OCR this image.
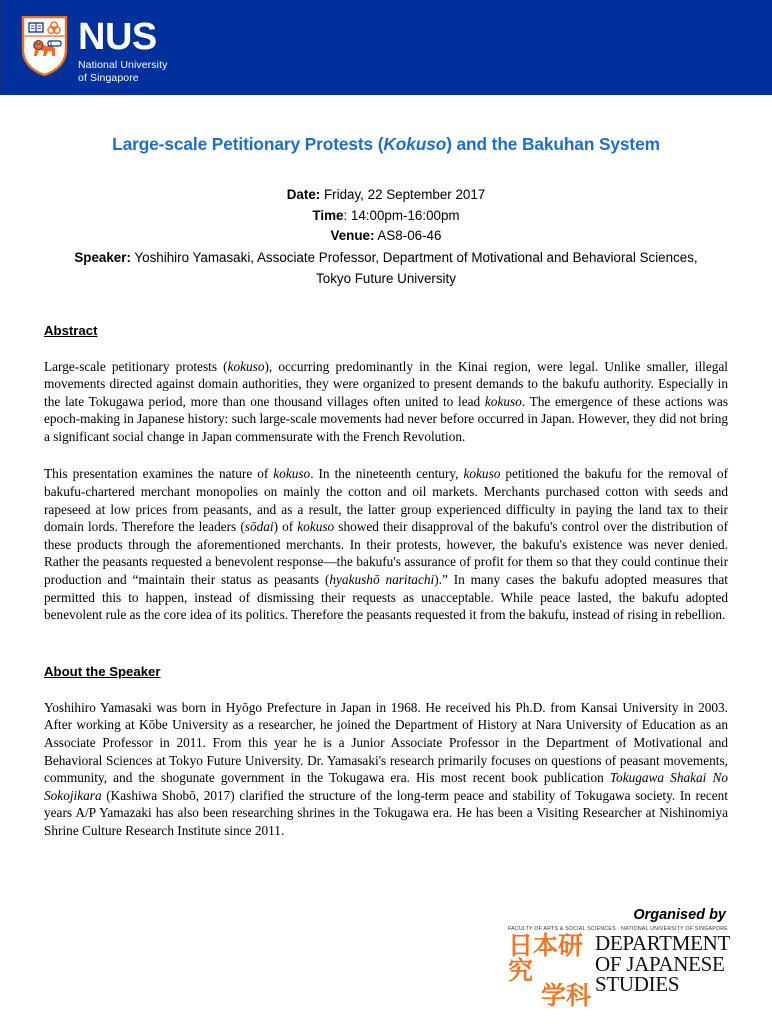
NUS
National University
of Singapore
Large-scale Petitionary Protests (Kokuso) and the Bakuhan System
Date: Friday, 22 September 2017
Time: 14:00pm-16:00pm
Venue: AS8-06-46
Speaker: Yoshihiro Yamasaki, Associate Professor, Department of Motivational and Behavioral Sciences, Tokyo Future University
Abstract

Large-scale petitionary protests (kokuso), occurring predominantly in the Kinai region, were legal. Unlike smaller, illegal movements directed against domain authorities, they were organized to present demands to the bakufu authority. Especially in the late Tokugawa period, more than one thousand villages often united to lead kokuso. The emergence of these actions was epoch-making in Japanese history: such large-scale movements had never before occurred in Japan. However, they did not bring a significant social change in Japan commensurate with the French Revolution.

This presentation examines the nature of kokuso. In the nineteenth century, kokuso petitioned the bakufu for the removal of bakufu-chartered merchant monopolies on mainly the cotton and oil markets. Merchants purchased cotton with seeds and rapeseed at low prices from peasants, and as a result, the latter group experienced difficulty in paying the land tax to their domain lords. Therefore the leaders (sōdai) of kokuso showed their disapproval of the bakufu's control over the distribution of these products through the aforementioned merchants. In their protests, however, the bakufu's existence was never denied. Rather the peasants requested a benevolent response—the bakufu's assurance of profit for them so that they could continue their production and “maintain their status as peasants (hyakushō naritachi).” In many cases the bakufu adopted measures that permitted this to happen, instead of dismissing their requests as unacceptable. While peace lasted, the bakufu adopted benevolent rule as the core idea of its politics. Therefore the peasants requested it from the bakufu, instead of rising in rebellion.

About the Speaker

Yoshihiro Yamasaki was born in Hyōgo Prefecture in Japan in 1968. He received his Ph.D. from Kansai University in 2003. After working at Kōbe University as a researcher, he joined the Department of History at Nara University of Education as an Associate Professor in 2011. From this year he is a Junior Associate Professor in the Department of Motivational and Behavioral Sciences at Tokyo Future University. Dr. Yamasaki's research primarily focuses on questions of peasant movements, community, and the shogunate government in the Tokugawa era. His most recent book publication Tokugawa Shakai No Sokojikara (Kashiwa Shobō, 2017) clarified the structure of the long-term peace and stability of Tokugawa society. In recent years A/P Yamazaki has also been researching shrines in the Tokugawa era. He has been a Visiting Researcher at Nishinomiya Shrine Culture Research Institute since 2011.

Organised by
FACULTY OF ARTS & SOCIAL SCIENCES · NATIONAL UNIVERSITY OF SINGAPORE
日本研究
学科
DEPARTMENT
OF JAPANESE
STUDIES
